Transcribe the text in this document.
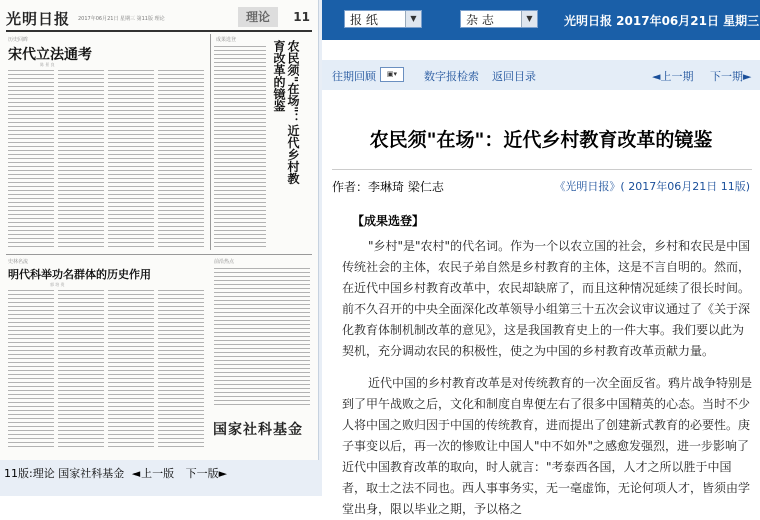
光明日报 2017年06月21日 星期三 第11版 理论	理论	11
历史回眸
宋代立法通考
陈 景 良
成果选登	农民须"在场"：近代乡村教育改革的镜鉴
史林名流
明代科举功名群体的历史作用
郭 培 贵
前沿热点
国家社科基金
11版:理论 国家社科基金 ◄上一版 下一版►
报 纸	▼	杂 志	▼	光明日报 2017年06月21日 星期三
往期回顾	▣▾	数字报检索 返回目录	◄上一期 下一期►
农民须"在场"：近代乡村教育改革的镜鉴
作者：李琳琦 梁仁志	《光明日报》( 2017年06月21日 11版)
【成果选登】

"乡村"是"农村"的代名词。作为一个以农立国的社会，乡村和农民是中国传统社会的主体，农民子弟自然是乡村教育的主体，这是不言自明的。然而，在近代中国乡村教育改革中，农民却缺席了，而且这种情况延续了很长时间。前不久召开的中央全面深化改革领导小组第三十五次会议审议通过了《关于深化教育体制机制改革的意见》，这是我国教育史上的一件大事。我们要以此为契机，充分调动农民的积极性，使之为中国的乡村教育改革贡献力量。

近代中国的乡村教育改革是对传统教育的一次全面反省。鸦片战争特别是到了甲午战败之后，文化和制度自卑便左右了很多中国精英的心态。当时不少人将中国之败归因于中国的传统教育，进而提出了创建新式教育的必要性。庚子事变以后，再一次的惨败让中国人"中不如外"之感愈发强烈，进一步影响了近代中国教育改革的取向，时人就言："考泰西各国，人才之所以胜于中国者，取士之法不同也。西人事事务实，无一毫虚饰，无论何项人才，皆须由学堂出身，限以毕业之期，予以格之
